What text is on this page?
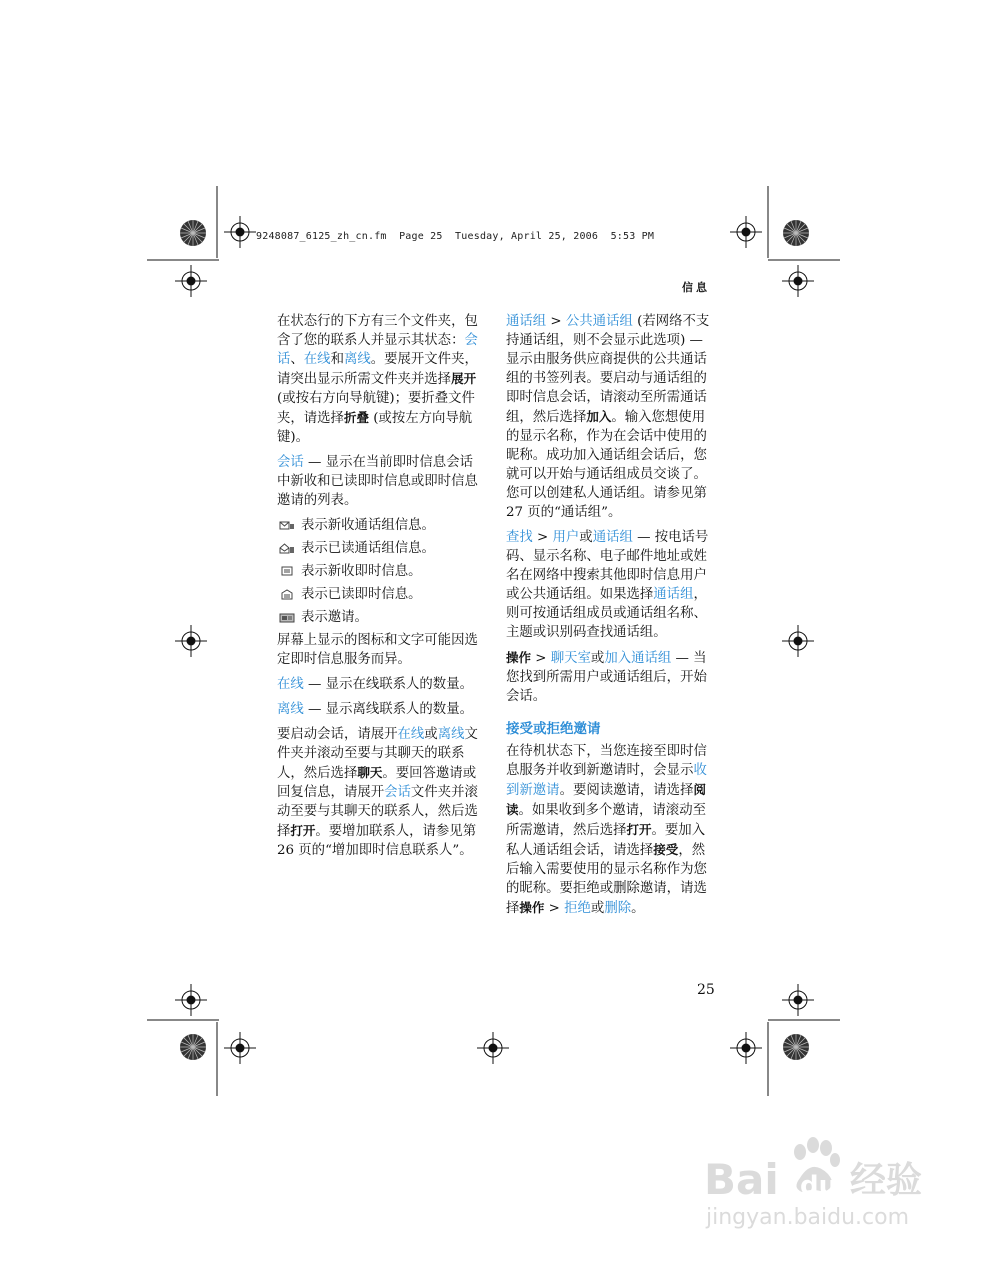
9248087_6125_zh_cn.fm  Page 25  Tuesday, April 25, 2006  5:53 PM
信息

在状态行的下方有三个文件夹，包含了您的联系人并显示其状态：会话、在线和离线。要展开文件夹，请突出显示所需文件夹并选择展开 (或按右方向导航键)；要折叠文件夹，请选择折叠 (或按左方向导航键)。

会话 — 显示在当前即时信息会话中新收和已读即时信息或即时信息邀请的列表。

表示新收通话组信息。
表示已读通话组信息。
表示新收即时信息。
表示已读即时信息。
表示邀请。

屏幕上显示的图标和文字可能因选定即时信息服务而异。

在线 — 显示在线联系人的数量。

离线 — 显示离线联系人的数量。

要启动会话，请展开在线或离线文件夹并滚动至要与其聊天的联系人，然后选择聊天。要回答邀请或回复信息，请展开会话文件夹并滚动至要与其聊天的联系人，然后选择打开。要增加联系人，请参见第 26 页的“增加即时信息联系人”。

通话组 > 公共通话组 (若网络不支持通话组，则不会显示此选项) — 显示由服务供应商提供的公共通话组的书签列表。要启动与通话组的即时信息会话，请滚动至所需通话组，然后选择加入。输入您想使用的显示名称，作为在会话中使用的昵称。成功加入通话组会话后，您就可以开始与通话组成员交谈了。您可以创建私人通话组。请参见第 27 页的“通话组”。

查找 > 用户或通话组 — 按电话号码、显示名称、电子邮件地址或姓名在网络中搜索其他即时信息用户或公共通话组。如果选择通话组，则可按通话组成员或通话组名称、主题或识别码查找通话组。

操作 > 聊天室或加入通话组 — 当您找到所需用户或通话组后，开始会话。

接受或拒绝邀请

在待机状态下，当您连接至即时信息服务并收到新邀请时，会显示收到新邀请。要阅读邀请，请选择阅读。如果收到多个邀请，请滚动至所需邀请，然后选择打开。要加入私人通话组会话，请选择接受，然后输入需要使用的显示名称作为您的昵称。要拒绝或删除邀请，请选择操作 > 拒绝或删除。

25
Bai du 经验
jingyan.baidu.com
